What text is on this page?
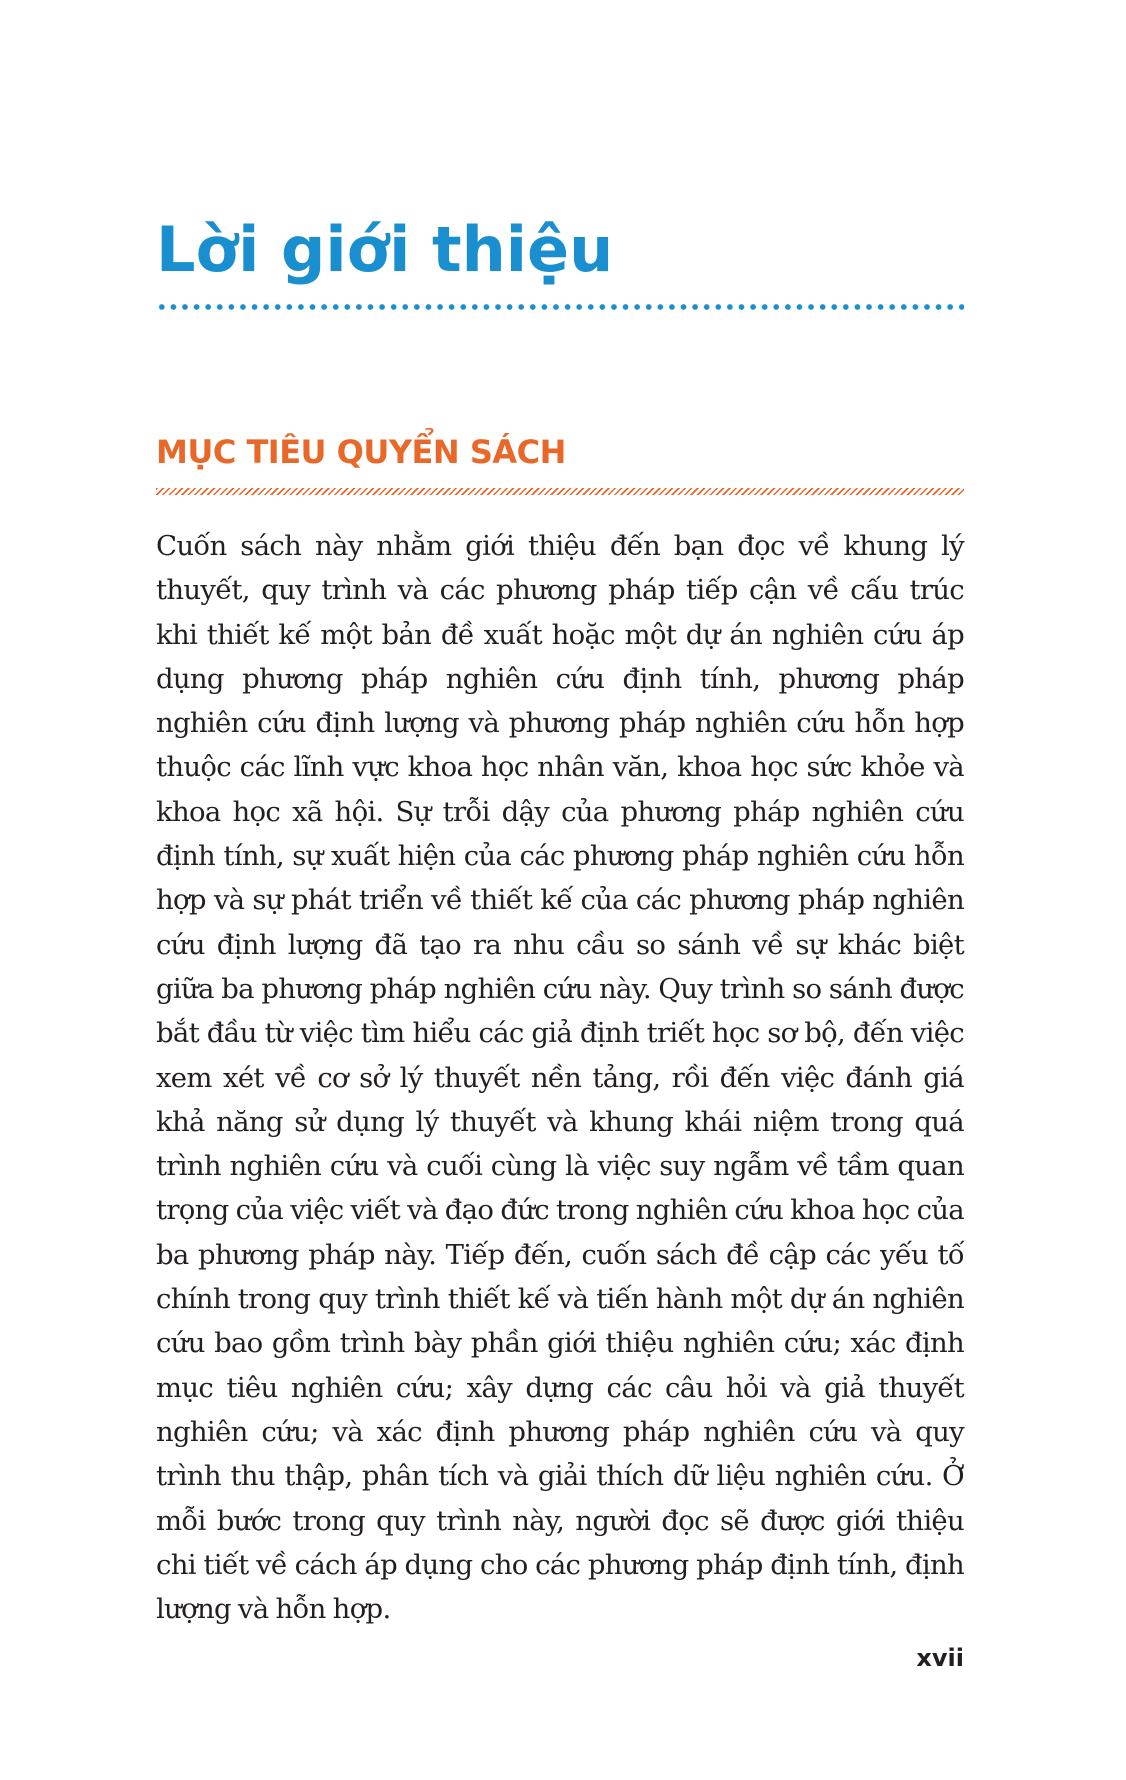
Lời giới thiệu
MỤC TIÊU QUYỂN SÁCH

Cuốn sách này nhằm giới thiệu đến bạn đọc về khung lý thuyết, quy trình và các phương pháp tiếp cận về cấu trúc khi thiết kế một bản đề xuất hoặc một dự án nghiên cứu áp dụng phương pháp nghiên cứu định tính, phương pháp nghiên cứu định lượng và phương pháp nghiên cứu hỗn hợp thuộc các lĩnh vực khoa học nhân văn, khoa học sức khỏe và khoa học xã hội. Sự trỗi dậy của phương pháp nghiên cứu định tính, sự xuất hiện của các phương pháp nghiên cứu hỗn hợp và sự phát triển về thiết kế của các phương pháp nghiên cứu định lượng đã tạo ra nhu cầu so sánh về sự khác biệt giữa ba phương pháp nghiên cứu này. Quy trình so sánh được bắt đầu từ việc tìm hiểu các giả định triết học sơ bộ, đến việc xem xét về cơ sở lý thuyết nền tảng, rồi đến việc đánh giá khả năng sử dụng lý thuyết và khung khái niệm trong quá trình nghiên cứu và cuối cùng là việc suy ngẫm về tầm quan trọng của việc viết và đạo đức trong nghiên cứu khoa học của ba phương pháp này. Tiếp đến, cuốn sách đề cập các yếu tố chính trong quy trình thiết kế và tiến hành một dự án nghiên cứu bao gồm trình bày phần giới thiệu nghiên cứu; xác định mục tiêu nghiên cứu; xây dựng các câu hỏi và giả thuyết nghiên cứu; và xác định phương pháp nghiên cứu và quy trình thu thập, phân tích và giải thích dữ liệu nghiên cứu. Ở mỗi bước trong quy trình này, người đọc sẽ được giới thiệu chi tiết về cách áp dụng cho các phương pháp định tính, định lượng và hỗn hợp.

xvii
